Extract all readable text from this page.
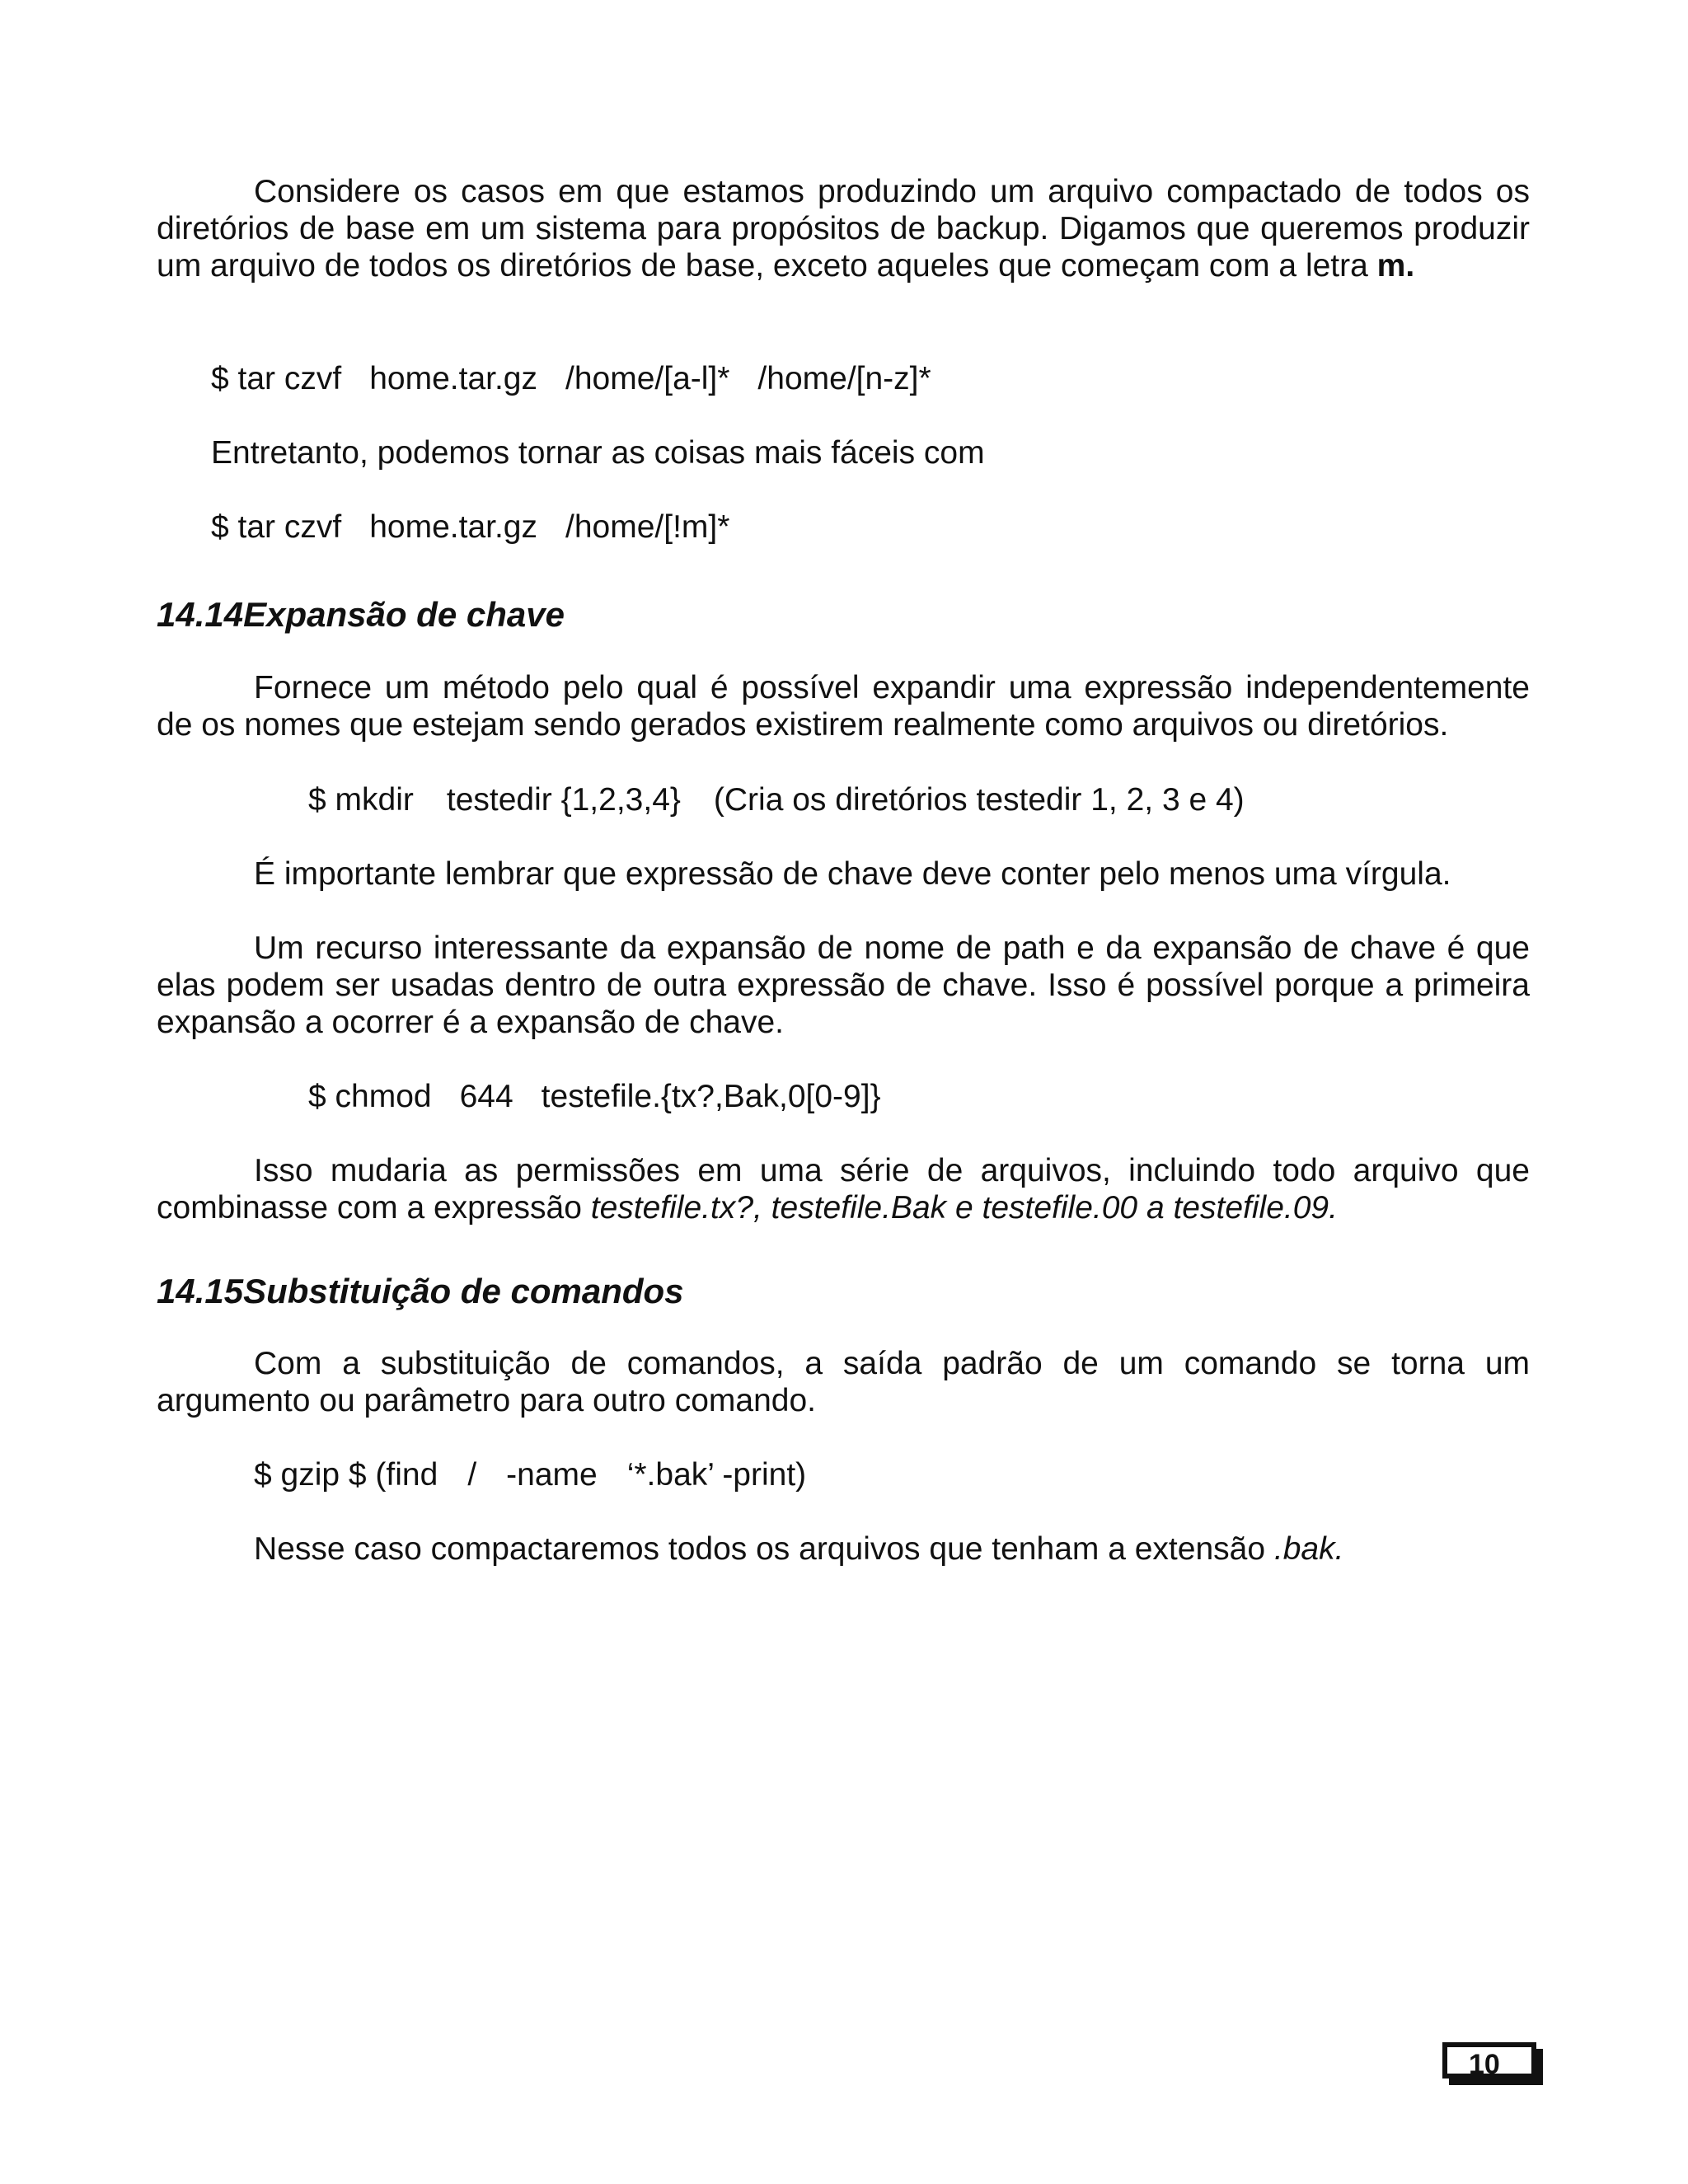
Considere os casos em que estamos produzindo um arquivo compactado de todos os diretórios de base em um sistema para propósitos de backup. Digamos que queremos produzir um arquivo de todos os diretórios de base, exceto aqueles que começam com a letra m.

$ tar czvf home.tar.gz /home/[a-l]* /home/[n-z]*
Entretanto, podemos tornar as coisas mais fáceis com
$ tar czvf home.tar.gz /home/[!m]*
14.14Expansão de chave

Fornece um método pelo qual é possível expandir uma expressão independentemente de os nomes que estejam sendo gerados existirem realmente como arquivos ou diretórios.

$ mkdir testedir {1,2,3,4} (Cria os diretórios testedir 1, 2, 3 e 4)
É importante lembrar que expressão de chave deve conter pelo menos uma vírgula.

Um recurso interessante da expansão de nome de path e da expansão de chave é que elas podem ser usadas dentro de outra expressão de chave. Isso é possível porque a primeira expansão a ocorrer é a expansão de chave.

$ chmod 644 testefile.{tx?,Bak,0[0-9]}

Isso mudaria as permissões em uma série de arquivos, incluindo todo arquivo que combinasse com a expressão testefile.tx?, testefile.Bak e testefile.00 a testefile.09.

14.15Substituição de comandos

Com a substituição de comandos, a saída padrão de um comando se torna um argumento ou parâmetro para outro comando.

$ gzip $ (find / -name ‘*.bak’ -print)
Nesse caso compactaremos todos os arquivos que tenham a extensão .bak.
10
